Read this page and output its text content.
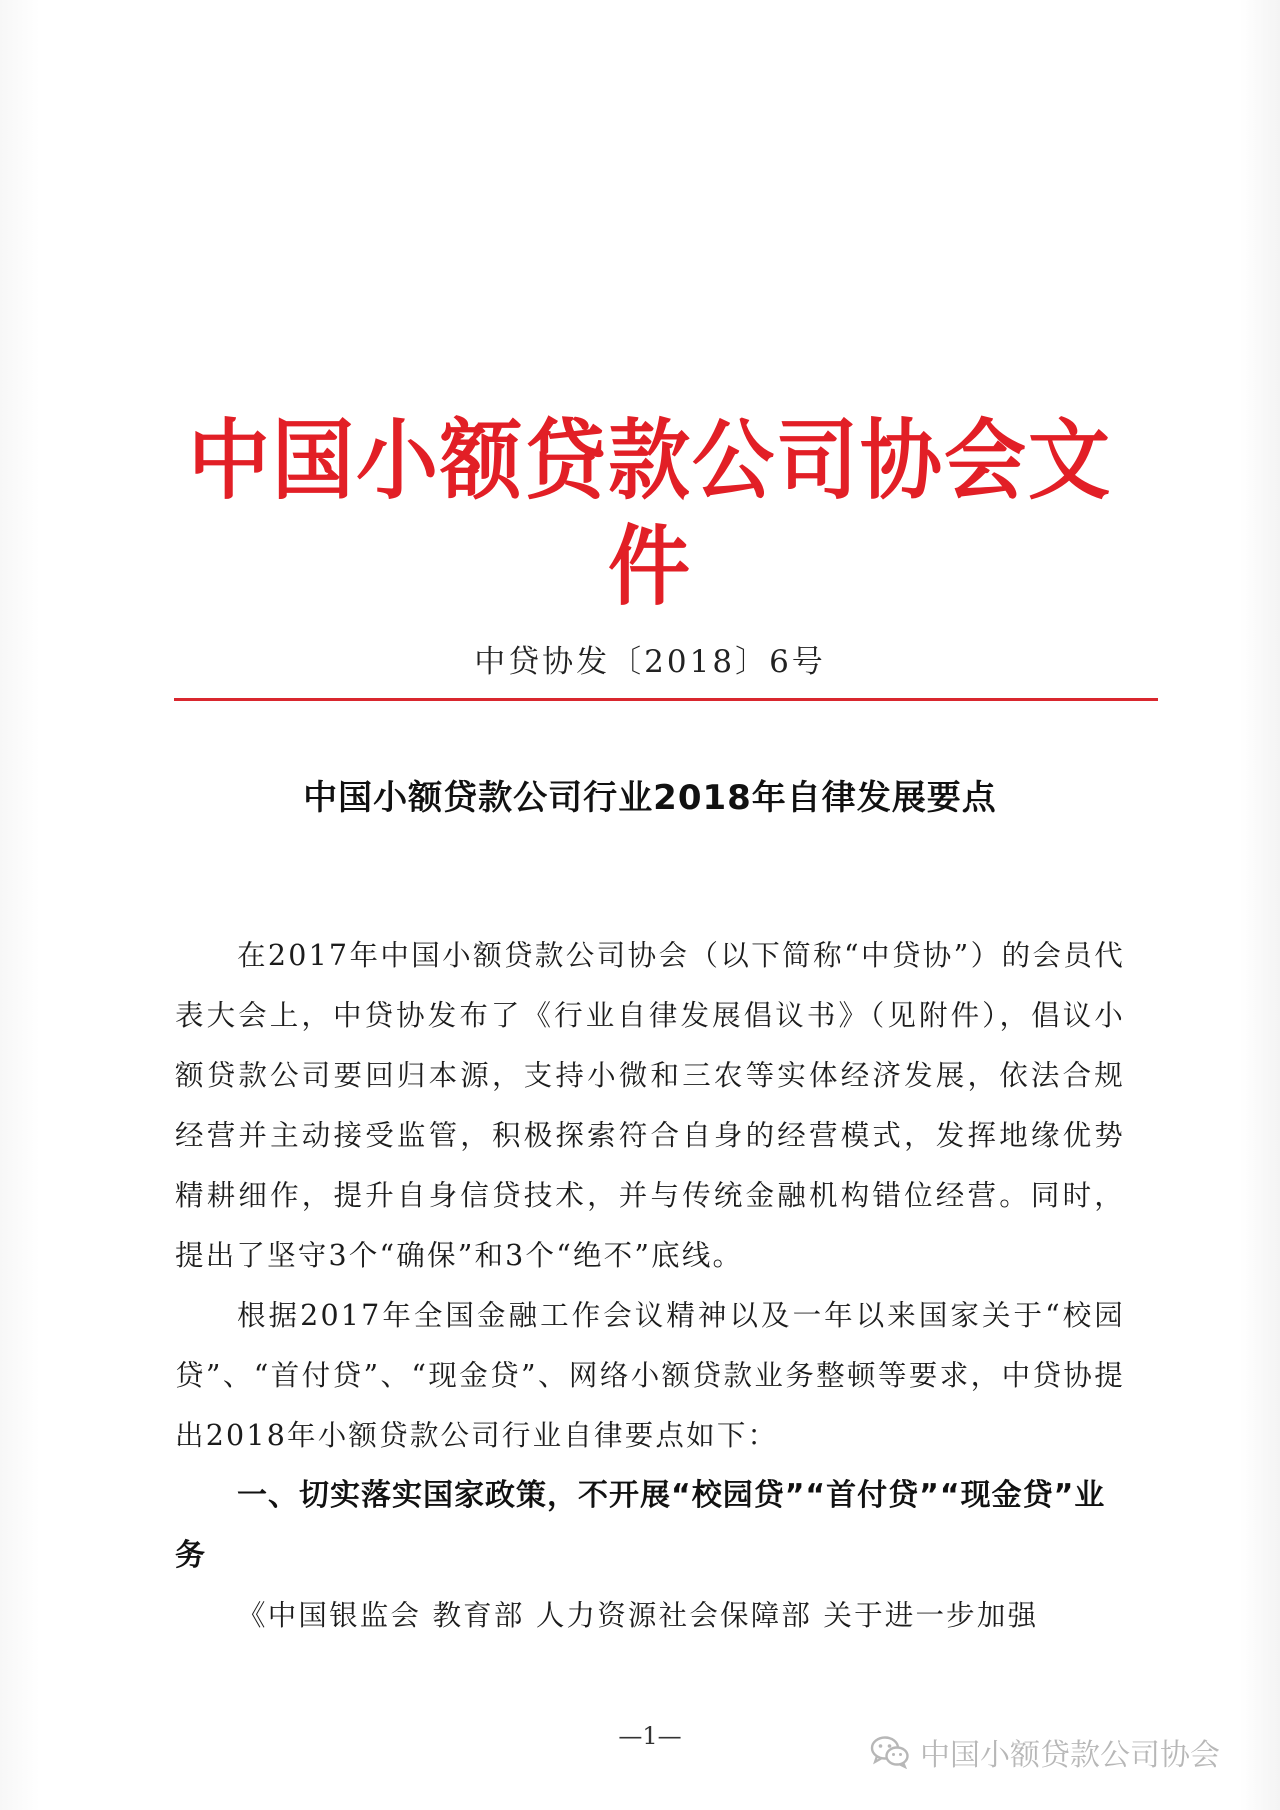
中国小额贷款公司协会文件
中贷协发〔2018〕6号
中国小额贷款公司行业2018年自律发展要点
在2017年中国小额贷款公司协会（以下简称“中贷协”）的会员代表大会上，中贷协发布了《行业自律发展倡议书》（见附件），倡议小额贷款公司要回归本源，支持小微和三农等实体经济发展，依法合规经营并主动接受监管，积极探索符合自身的经营模式，发挥地缘优势精耕细作，提升自身信贷技术，并与传统金融机构错位经营。同时，提出了坚守3个“确保”和3个“绝不”底线。
根据2017年全国金融工作会议精神以及一年以来国家关于“校园贷”、“首付贷”、“现金贷”、网络小额贷款业务整顿等要求，中贷协提出2018年小额贷款公司行业自律要点如下：
一、切实落实国家政策，不开展“校园贷”“首付贷”“现金贷”业务
《中国银监会 教育部 人力资源社会保障部 关于进一步加强
—1—
中国小额贷款公司协会
